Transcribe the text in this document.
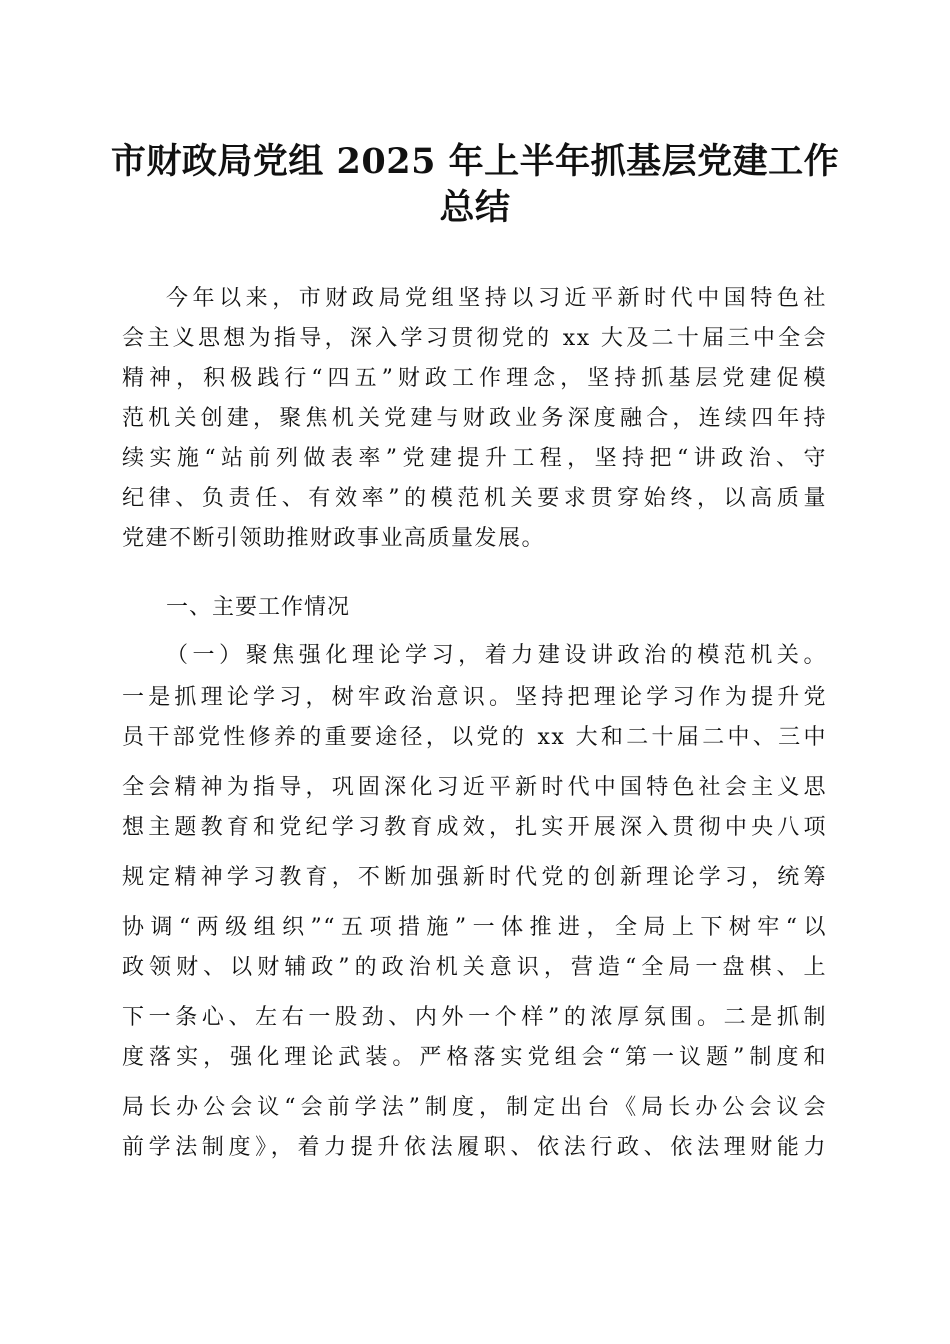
市财政局党组 2025 年上半年抓基层党建工作
总结

今年以来，市财政局党组坚持以习近平新时代中国特色社

会主义思想为指导，深入学习贯彻党的 xx 大及二十届三中全会

精神，积极践行“四五”财政工作理念，坚持抓基层党建促模

范机关创建，聚焦机关党建与财政业务深度融合，连续四年持

续实施“站前列做表率”党建提升工程，坚持把“讲政治、守

纪律、负责任、有效率”的模范机关要求贯穿始终，以高质量

党建不断引领助推财政事业高质量发展。

一、主要工作情况

（一）聚焦强化理论学习，着力建设讲政治的模范机关。

一是抓理论学习，树牢政治意识。坚持把理论学习作为提升党

员干部党性修养的重要途径，以党的 xx 大和二十届二中、三中

全会精神为指导，巩固深化习近平新时代中国特色社会主义思

想主题教育和党纪学习教育成效，扎实开展深入贯彻中央八项

规定精神学习教育，不断加强新时代党的创新理论学习，统筹

协调“两级组织”“五项措施”一体推进，全局上下树牢“以

政领财、以财辅政”的政治机关意识，营造“全局一盘棋、上

下一条心、左右一股劲、内外一个样”的浓厚氛围。二是抓制

度落实，强化理论武装。严格落实党组会“第一议题”制度和

局长办公会议“会前学法”制度，制定出台《局长办公会议会

前学法制度》，着力提升依法履职、依法行政、依法理财能力
